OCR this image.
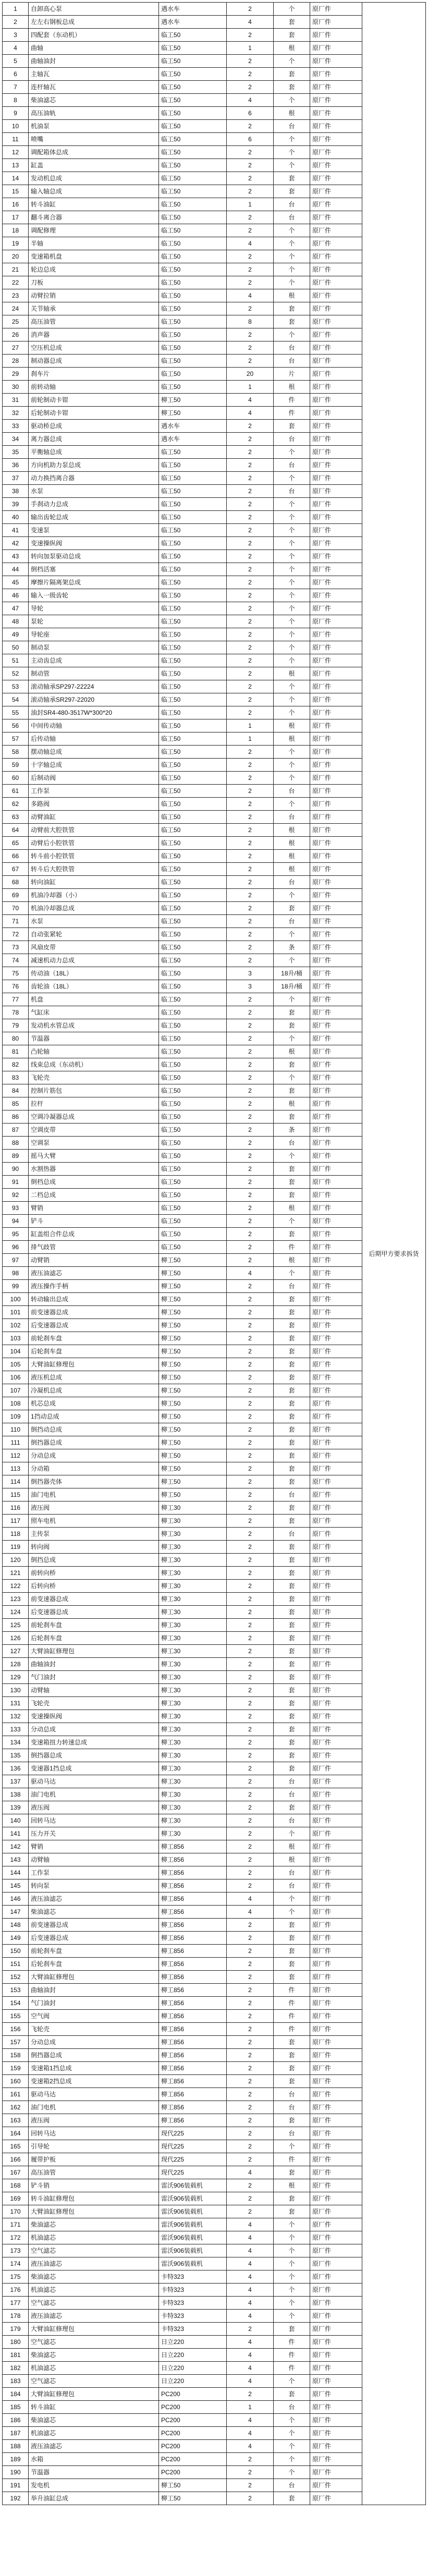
1	自卸高心泵	遇水车	2	个	原厂件	后期甲方要求拆货
2	左左右钢板总成	遇水车	4	套	原厂件	
3	四配套（东动机）	临工50	2	套	原厂件	
4	曲轴	临工50	1	根	原厂件	
5	曲轴油封	临工50	2	个	原厂件	
6	主轴瓦	临工50	2	套	原厂件	
7	连杆轴瓦	临工50	2	套	原厂件	
8	柴油滤芯	临工50	4	个	原厂件	
9	高压油轨	临工50	6	根	原厂件	
10	机油泵	临工50	2	台	原厂件	
11	喷嘴	临工50	6	个	原厂件	
12	调配箱体总成	临工50	2	个	原厂件	
13	缸盖	临工50	2	个	原厂件	
14	发动机总成	临工50	2	套	原厂件	
15	输入轴总成	临工50	2	套	原厂件	
16	转斗油缸	临工50	1	台	原厂件	
17	翻斗离合器	临工50	2	台	原厂件	
18	调配修理	临工50	2	个	原厂件	
19	半轴	临工50	4	个	原厂件	
20	变速箱机盘	临工50	2	个	原厂件	
21	轮边总成	临工50	2	个	原厂件	
22	刀板	临工50	2	个	原厂件	
23	动臂拉销	临工50	4	根	原厂件	
24	关节轴承	临工50	2	套	原厂件	
25	高压油管	临工50	8	套	原厂件	
26	消声器	临工50	2	个	原厂件	
27	空压机总成	临工50	2	台	原厂件	
28	制动器总成	临工50	2	台	原厂件	
29	刹车片	临工50	20	片	原厂件	
30	前转动轴	临工50	1	根	原厂件	
31	前轮制动卡钳	柳工50	4	件	原厂件	
32	后轮制动卡钳	柳工50	4	件	原厂件	
33	驱动桥总成	遇水车	2	套	原厂件	
34	离力器总成	遇水车	2	台	原厂件	
35	平衡轴总成	临工50	2	个	原厂件	
36	方向机助力泵总成	临工50	2	台	原厂件	
37	动力换挡离合器	临工50	2	个	原厂件	
38	水泵	临工50	2	台	原厂件	
39	手刹动力总成	临工50	2	个	原厂件	
40	输出齿轮总成	临工50	2	个	原厂件	
41	变速泵	临工50	2	个	原厂件	
42	变速操纵阀	临工50	2	个	原厂件	
43	转向加泵驱动总成	临工50	2	个	原厂件	
44	倒档活塞	临工50	2	个	原厂件	
45	摩擦片隔离架总成	临工50	2	个	原厂件	
46	输入一级齿轮	临工50	2	个	原厂件	
47	导轮	临工50	2	个	原厂件	
48	泵轮	临工50	2	个	原厂件	
49	导轮座	临工50	2	个	原厂件	
50	制动泵	临工50	2	个	原厂件	
51	主动齿总成	临工50	2	个	原厂件	
52	制动管	临工50	2	根	原厂件	
53	滚动轴承SP297-22224	临工50	2	个	原厂件	
54	滚动轴承SR297-22020	临工50	2	个	原厂件	
55	油封SR4-480-3517W*300*20	临工50	2	个	原厂件	
56	中间传动轴	临工50	1	根	原厂件	
57	后传动轴	临工50	1	根	原厂件	
58	摆动轴总成	临工50	2	个	原厂件	
59	十字轴总成	临工50	2	个	原厂件	
60	后制动阀	临工50	2	个	原厂件	
61	工作泵	临工50	2	台	原厂件	
62	多路阀	临工50	2	个	原厂件	
63	动臂油缸	临工50	2	台	原厂件	
64	动臂前大腔铁管	临工50	2	根	原厂件	
65	动臂后小腔铁管	临工50	2	根	原厂件	
66	转斗前小腔铁管	临工50	2	根	原厂件	
67	转斗后大腔铁管	临工50	2	根	原厂件	
68	转向油缸	临工50	2	台	原厂件	
69	机油冷却器（小）	临工50	2	个	原厂件	
70	机油冷却器总成	临工50	2	套	原厂件	
71	水泵	临工50	2	台	原厂件	
72	自动张紧轮	临工50	2	个	原厂件	
73	风扇皮带	临工50	2	条	原厂件	
74	减速机动力总成	临工50	2	个	原厂件	
75	传动油（18L）	临工50	3	18升/桶	原厂件	
76	齿轮油（18L）	临工50	3	18升/桶	原厂件	
77	机盘	临工50	2	个	原厂件	
78	气缸床	临工50	2	套	原厂件	
79	发动机水管总成	临工50	2	套	原厂件	
80	节温器	临工50	2	个	原厂件	
81	凸轮轴	临工50	2	根	原厂件	
82	线束总成（东动机）	临工50	2	套	原厂件	
83	飞轮壳	临工50	2	个	原厂件	
84	控制片筋包	临工50	2	套	原厂件	
85	拉杆	临工50	2	根	原厂件	
86	空调冷凝器总成	临工50	2	套	原厂件	
87	空调皮带	临工50	2	条	原厂件	
88	空调泵	临工50	2	台	原厂件	
89	摇马大臂	临工50	2	个	原厂件	
90	水割热器	临工50	2	套	原厂件	
91	倒档总成	临工50	2	套	原厂件	
92	二档总成	临工50	2	套	原厂件	
93	臂销	临工50	2	根	原厂件	
94	铲斗	临工50	2	个	原厂件	
95	缸盖组合件总成	临工50	2	套	原厂件	
96	排气歧管	临工50	2	件	原厂件	
97	动臂销	柳工50	2	根	原厂件	
98	液压油滤芯	柳工50	4	个	原厂件	
99	液压操作手柄	柳工50	2	台	原厂件	
100	转动输出总成	柳工50	2	套	原厂件	
101	前变速器总成	柳工50	2	套	原厂件	
102	后变速器总成	柳工50	2	套	原厂件	
103	前轮刹车盘	柳工50	2	套	原厂件	
104	后轮刹车盘	柳工50	2	套	原厂件	
105	大臂油缸修理包	柳工50	2	套	原厂件	
106	液压机总成	柳工50	2	套	原厂件	
107	冷凝机总成	柳工50	2	套	原厂件	
108	机芯总成	柳工50	2	套	原厂件	
109	1挡动总成	柳工50	2	套	原厂件	
110	倒挡动总成	柳工50	2	套	原厂件	
111	倒挡器总成	柳工50	2	套	原厂件	
112	分动总成	柳工50	2	套	原厂件	
113	分动箱	柳工50	2	套	原厂件	
114	倒挡器壳体	柳工50	2	套	原厂件	
115	油门电机	柳工50	2	台	原厂件	
116	液压阀	柳工30	2	套	原厂件	
117	照车电机	柳工30	2	套	原厂件	
118	主传泵	柳工30	2	台	原厂件	
119	转向阀	柳工30	2	套	原厂件	
120	倒挡总成	柳工30	2	套	原厂件	
121	前转向桥	柳工30	2	套	原厂件	
122	后转向桥	柳工30	2	套	原厂件	
123	前变速器总成	柳工30	2	套	原厂件	
124	后变速器总成	柳工30	2	套	原厂件	
125	前轮刹车盘	柳工30	2	套	原厂件	
126	后轮刹车盘	柳工30	2	套	原厂件	
127	大臂油缸修理包	柳工30	2	套	原厂件	
128	曲轴油封	柳工30	2	套	原厂件	
129	气门油封	柳工30	2	套	原厂件	
130	动臂轴	柳工30	2	套	原厂件	
131	飞轮壳	柳工30	2	套	原厂件	
132	变速操纵阀	柳工30	2	套	原厂件	
133	分动总成	柳工30	2	套	原厂件	
134	变速箱扭力转速总成	柳工30	2	套	原厂件	
135	倒挡器总成	柳工30	2	套	原厂件	
136	变速器1挡总成	柳工30	2	套	原厂件	
137	驱动马达	柳工30	2	台	原厂件	
138	油门电机	柳工30	2	台	原厂件	
139	液压阀	柳工30	2	套	原厂件	
140	回转马达	柳工30	2	台	原厂件	
141	压力开关	柳工30	2	个	原厂件	
142	臂销	柳工856	2	根	原厂件	
143	动臂轴	柳工856	2	根	原厂件	
144	工作泵	柳工856	2	台	原厂件	
145	转向泵	柳工856	2	台	原厂件	
146	液压油滤芯	柳工856	4	个	原厂件	
147	柴油滤芯	柳工856	4	个	原厂件	
148	前变速器总成	柳工856	2	套	原厂件	
149	后变速器总成	柳工856	2	套	原厂件	
150	前轮刹车盘	柳工856	2	套	原厂件	
151	后轮刹车盘	柳工856	2	套	原厂件	
152	大臂油缸修理包	柳工856	2	套	原厂件	
153	曲轴油封	柳工856	2	件	原厂件	
154	气门油封	柳工856	2	件	原厂件	
155	空气阀	柳工856	2	件	原厂件	
156	飞轮壳	柳工856	2	件	原厂件	
157	分动总成	柳工856	2	套	原厂件	
158	倒挡器总成	柳工856	2	套	原厂件	
159	变速箱1挡总成	柳工856	2	套	原厂件	
160	变速箱2挡总成	柳工856	2	套	原厂件	
161	驱动马达	柳工856	2	台	原厂件	
162	油门电机	柳工856	2	台	原厂件	
163	液压阀	柳工856	2	套	原厂件	
164	回转马达	现代225	2	台	原厂件	
165	引导轮	现代225	2	个	原厂件	
166	履带护板	现代225	2	件	原厂件	
167	高压油管	现代225	4	套	原厂件	
168	铲斗销	雷沃906装载机	2	根	原厂件	
169	转斗油缸修理包	雷沃906装载机	2	套	原厂件	
170	大臂油缸修理包	雷沃906装载机	2	套	原厂件	
171	柴油滤芯	雷沃906装载机	4	个	原厂件	
172	机油滤芯	雷沃906装载机	4	个	原厂件	
173	空气滤芯	雷沃906装载机	4	个	原厂件	
174	液压油滤芯	雷沃906装载机	4	个	原厂件	
175	柴油滤芯	卡特323	4	个	原厂件	
176	机油滤芯	卡特323	4	个	原厂件	
177	空气滤芯	卡特323	4	个	原厂件	
178	液压油滤芯	卡特323	4	个	原厂件	
179	大臂油缸修理包	卡特323	2	套	原厂件	
180	空气滤芯	日立220	4	件	原厂件	
181	柴油滤芯	日立220	4	件	原厂件	
182	机油滤芯	日立220	4	件	原厂件	
183	空气滤芯	日立220	4	个	原厂件	
184	大臂油缸修理包	PC200	2	套	原厂件	
185	转斗油缸	PC200	1	台	原厂件	
186	柴油滤芯	PC200	4	个	原厂件	
187	机油滤芯	PC200	4	个	原厂件	
188	液压油滤芯	PC200	4	个	原厂件	
189	水箱	PC200	2	个	原厂件	
190	节温器	PC200	2	个	原厂件	
191	发电机	柳工50	2	台	原厂件	
192	举升油缸总成	柳工50	2	套	原厂件	
